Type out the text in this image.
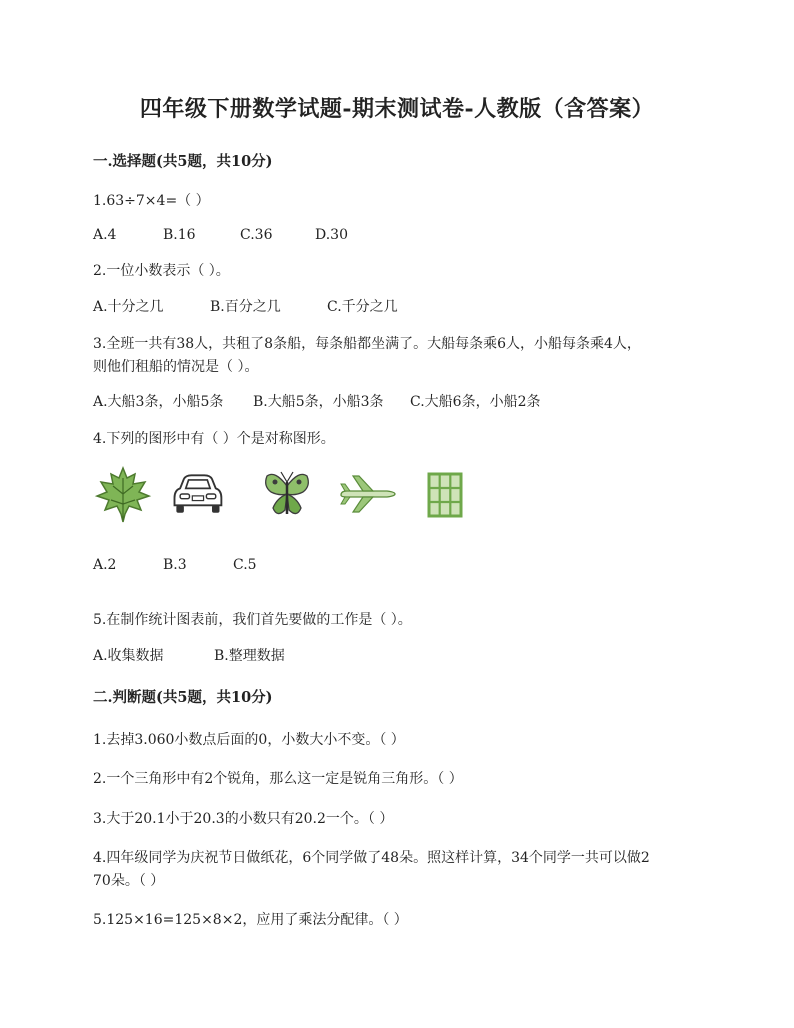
四年级下册数学试题-期末测试卷-人教版（含答案）
一.选择题(共5题，共10分)
1.63÷7×4=（ ）
A.4	B.16	C.36	D.30
2.一位小数表示（ ）。
A.十分之几	B.百分之几	C.千分之几
3.全班一共有38人，共租了8条船，每条船都坐满了。大船每条乘6人，小船每条乘4人，
则他们租船的情况是（ ）。
A.大船3条，小船5条 B.大船5条，小船3条 C.大船6条，小船2条
4.下列的图形中有（ ）个是对称图形。
A.2	B.3	C.5
5.在制作统计图表前，我们首先要做的工作是（ ）。
A.收集数据	B.整理数据
二.判断题(共5题，共10分)
1.去掉3.060小数点后面的0，小数大小不变。（ ）
2.一个三角形中有2个锐角，那么这一定是锐角三角形。（ ）
3.大于20.1小于20.3的小数只有20.2一个。（ ）
4.四年级同学为庆祝节日做纸花，6个同学做了48朵。照这样计算，34个同学一共可以做2
70朵。（ ）
5.125×16=125×8×2，应用了乘法分配律。（ ）
